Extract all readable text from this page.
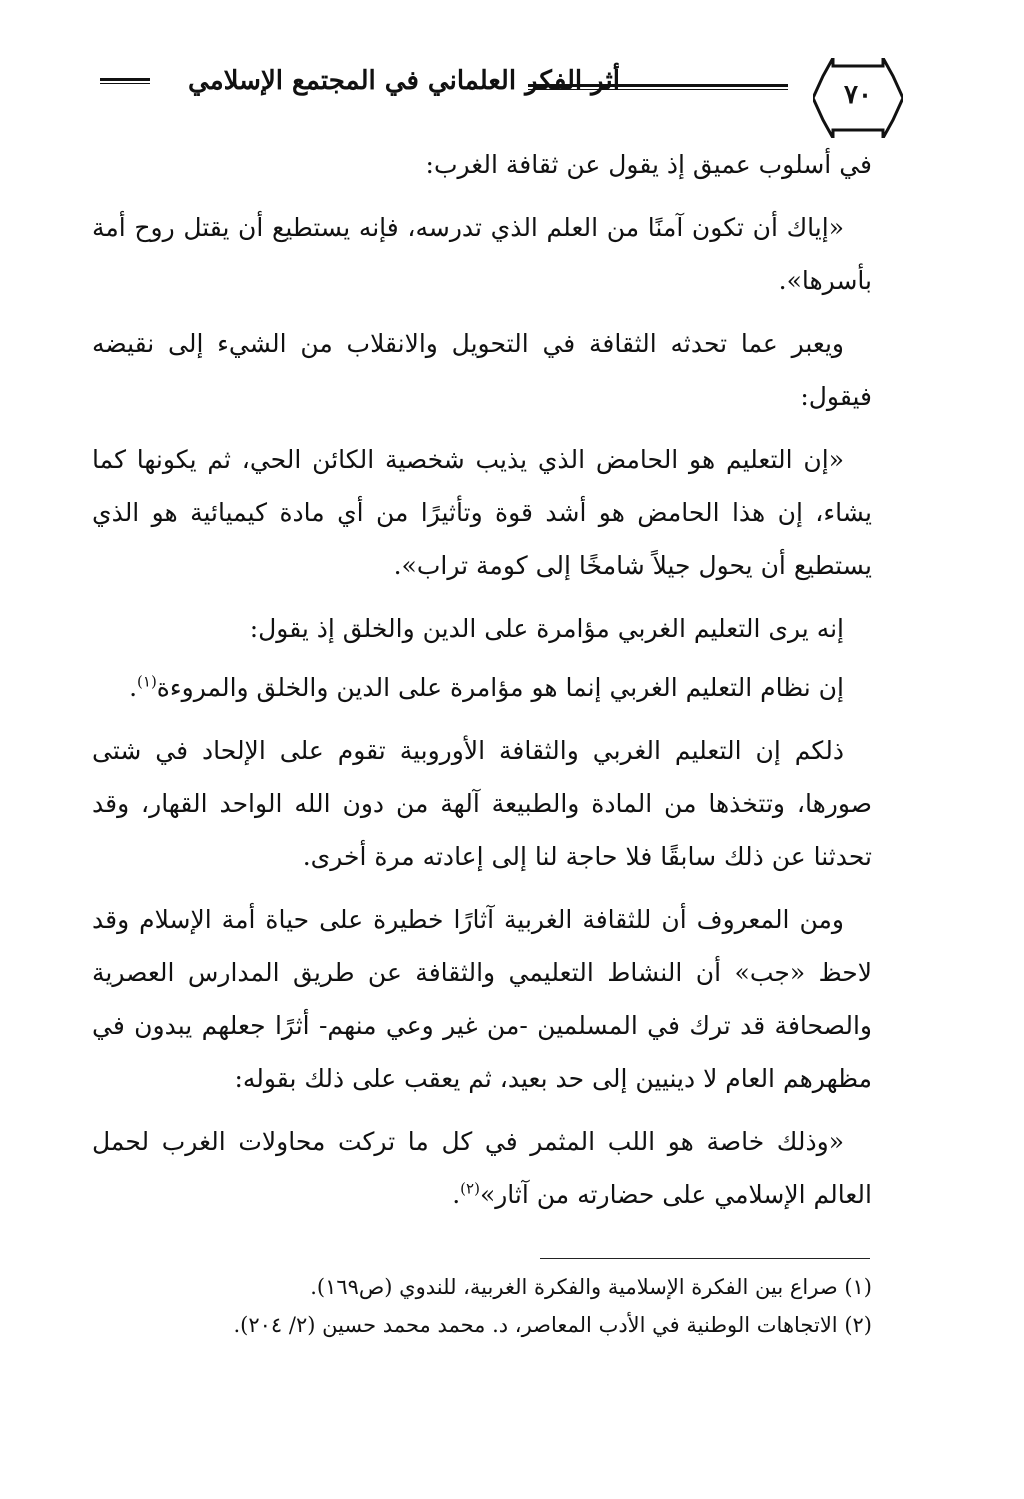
أثر الفكر العلماني في المجتمع الإسلامي	٧٠

في أسلوب عميق إذ يقول عن ثقافة الغرب:

«إياك أن تكون آمنًا من العلم الذي تدرسه، فإنه يستطيع أن يقتل روح أمة بأسرها».

ويعبر عما تحدثه الثقافة في التحويل والانقلاب من الشيء إلى نقيضه فيقول:

«إن التعليم هو الحامض الذي يذيب شخصية الكائن الحي، ثم يكونها كما يشاء، إن هذا الحامض هو أشد قوة وتأثيرًا من أي مادة كيميائية هو الذي يستطيع أن يحول جيلاً شامخًا إلى كومة تراب».

إنه يرى التعليم الغربي مؤامرة على الدين والخلق إذ يقول:

إن نظام التعليم الغربي إنما هو مؤامرة على الدين والخلق والمروءة$^{(١)}$.

ذلكم إن التعليم الغربي والثقافة الأوروبية تقوم على الإلحاد في شتى صورها، وتتخذها من المادة والطبيعة آلهة من دون الله الواحد القهار، وقد تحدثنا عن ذلك سابقًا فلا حاجة لنا إلى إعادته مرة أخرى.

ومن المعروف أن للثقافة الغربية آثارًا خطيرة على حياة أمة الإسلام وقد لاحظ «جب» أن النشاط التعليمي والثقافة عن طريق المدارس العصرية والصحافة قد ترك في المسلمين -من غير وعي منهم- أثرًا جعلهم يبدون في مظهرهم العام لا دينيين إلى حد بعيد، ثم يعقب على ذلك بقوله:

«وذلك خاصة هو اللب المثمر في كل ما تركت محاولات الغرب لحمل العالم الإسلامي على حضارته من آثار»$^{(٢)}$.

(١) صراع بين الفكرة الإسلامية والفكرة الغربية، للندوي (ص١٦٩).

(٢) الاتجاهات الوطنية في الأدب المعاصر، د. محمد محمد حسين (٢/ ٢٠٤).
